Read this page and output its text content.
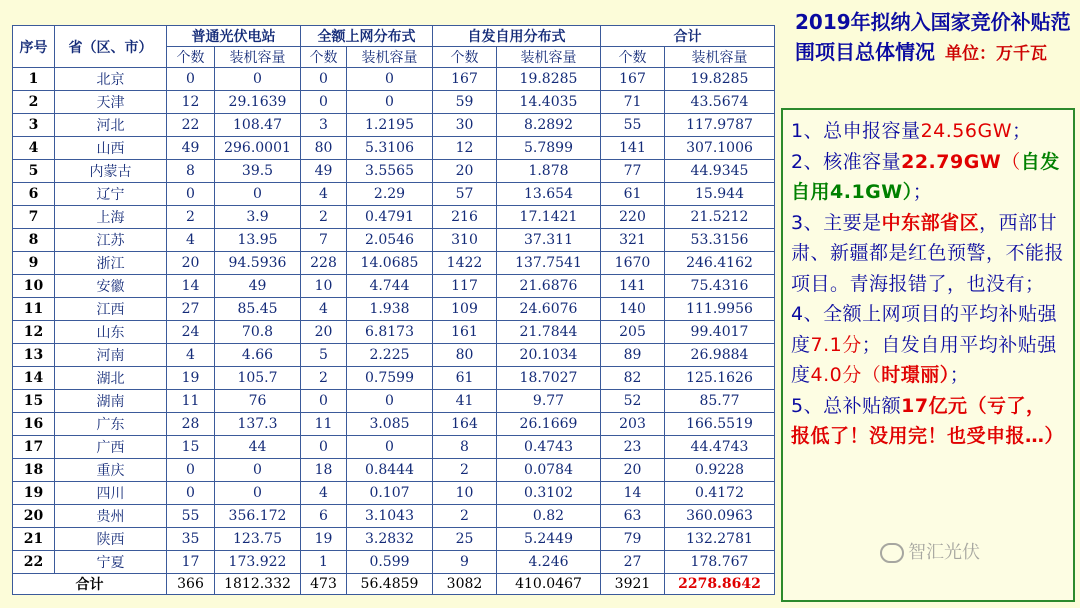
序号	省（区、市）	普通光伏电站		全额上网分布式		自发自用分布式		合计	
		个数	装机容量	个数	装机容量	个数	装机容量	个数	装机容量
1	北京	0	0	0	0	167	19.8285	167	19.8285
2	天津	12	29.1639	0	0	59	14.4035	71	43.5674
3	河北	22	108.47	3	1.2195	30	8.2892	55	117.9787
4	山西	49	296.0001	80	5.3106	12	5.7899	141	307.1006
5	内蒙古	8	39.5	49	3.5565	20	1.878	77	44.9345
6	辽宁	0	0	4	2.29	57	13.654	61	15.944
7	上海	2	3.9	2	0.4791	216	17.1421	220	21.5212
8	江苏	4	13.95	7	2.0546	310	37.311	321	53.3156
9	浙江	20	94.5936	228	14.0685	1422	137.7541	1670	246.4162
10	安徽	14	49	10	4.744	117	21.6876	141	75.4316
11	江西	27	85.45	4	1.938	109	24.6076	140	111.9956
12	山东	24	70.8	20	6.8173	161	21.7844	205	99.4017
13	河南	4	4.66	5	2.225	80	20.1034	89	26.9884
14	湖北	19	105.7	2	0.7599	61	18.7027	82	125.1626
15	湖南	11	76	0	0	41	9.77	52	85.77
16	广东	28	137.3	11	3.085	164	26.1669	203	166.5519
17	广西	15	44	0	0	8	0.4743	23	44.4743
18	重庆	0	0	18	0.8444	2	0.0784	20	0.9228
19	四川	0	0	4	0.107	10	0.3102	14	0.4172
20	贵州	55	356.172	6	3.1043	2	0.82	63	360.0963
21	陕西	35	123.75	19	3.2832	25	5.2449	79	132.2781
22	宁夏	17	173.922	1	0.599	9	4.246	27	178.767
合计		366	1812.332	473	56.4859	3082	410.0467	3921	2278.8642
2019年拟纳入国家竞价补贴范围项目总体情况 单位：万千瓦
1、总申报容量24.56GW；
2、核准容量22.79GW（自发自用4.1GW）；
3、主要是中东部省区，西部甘肃、新疆都是红色预警，不能报项目。青海报错了，也没有；
4、全额上网项目的平均补贴强度7.1分；自发自用平均补贴强度4.0分（时璟丽）；
5、总补贴额17亿元（亏了，报低了！没用完！也受申报…）
智汇光伏
